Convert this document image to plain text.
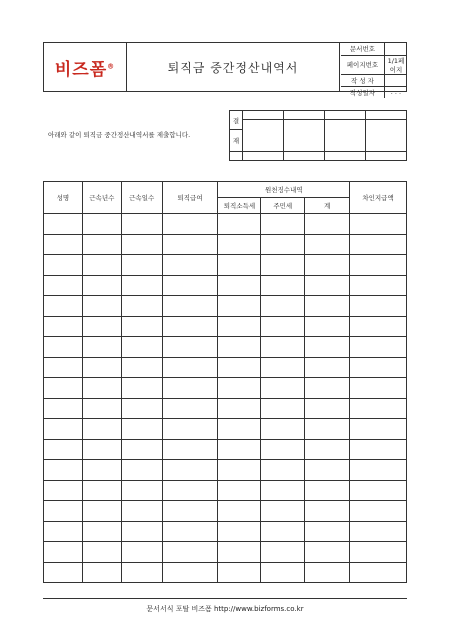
비즈폼®	퇴직금 중간정산내역서
문서번호	
페이지번호	1/1페이지
작 성 자	
작성일자	. . .
아래와 같이 퇴직금 중간정산내역서를 제출합니다.
결				

재				

성명	근속년수	근속일수	퇴직급여	원천징수내역			차인지급액
				퇴직소득세	주민세	계	

문서서식 포탈 비즈폼 http://www.bizforms.co.kr
